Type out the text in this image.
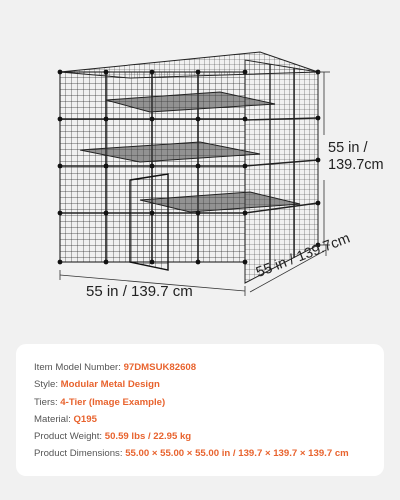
55 in / 139.7 cm
55 in /
139.7cm
55 in / 139.7cm
Item Model Number: 97DMSUK82608
Style: Modular Metal Design
Tiers: 4-Tier (Image Example)
Material: Q195
Product Weight: 50.59 lbs / 22.95 kg
Product Dimensions: 55.00 × 55.00 × 55.00 in / 139.7 × 139.7 × 139.7 cm
